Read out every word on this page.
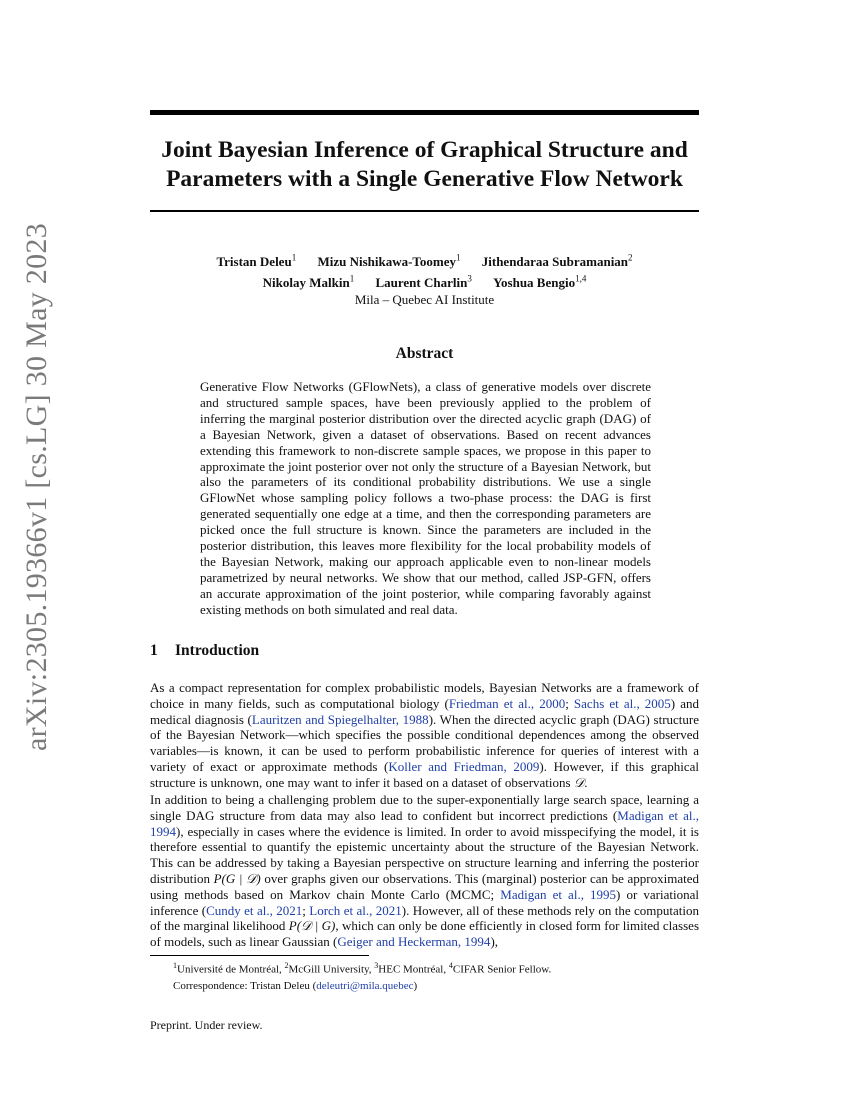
arXiv:2305.19366v1 [cs.LG] 30 May 2023
Joint Bayesian Inference of Graphical Structure and Parameters with a Single Generative Flow Network
Tristan Deleu$^1$ Mizu Nishikawa-Toomey$^1$ Jithendaraa Subramanian$^2$
Nikolay Malkin$^1$ Laurent Charlin$^3$ Yoshua Bengio$^{1,4}$
Mila – Quebec AI Institute
Abstract

Generative Flow Networks (GFlowNets), a class of generative models over discrete and structured sample spaces, have been previously applied to the problem of inferring the marginal posterior distribution over the directed acyclic graph (DAG) of a Bayesian Network, given a dataset of observations. Based on recent advances extending this framework to non-discrete sample spaces, we propose in this paper to approximate the joint posterior over not only the structure of a Bayesian Network, but also the parameters of its conditional probability distributions. We use a single GFlowNet whose sampling policy follows a two-phase process: the DAG is first generated sequentially one edge at a time, and then the corresponding parameters are picked once the full structure is known. Since the parameters are included in the posterior distribution, this leaves more flexibility for the local probability models of the Bayesian Network, making our approach applicable even to non-linear models parametrized by neural networks. We show that our method, called JSP-GFN, offers an accurate approximation of the joint posterior, while comparing favorably against existing methods on both simulated and real data.

1 Introduction

As a compact representation for complex probabilistic models, Bayesian Networks are a framework of choice in many fields, such as computational biology (Friedman et al., 2000; Sachs et al., 2005) and medical diagnosis (Lauritzen and Spiegelhalter, 1988). When the directed acyclic graph (DAG) structure of the Bayesian Network—which specifies the possible conditional dependences among the observed variables—is known, it can be used to perform probabilistic inference for queries of interest with a variety of exact or approximate methods (Koller and Friedman, 2009). However, if this graphical structure is unknown, one may want to infer it based on a dataset of observations 𝒟.

In addition to being a challenging problem due to the super-exponentially large search space, learning a single DAG structure from data may also lead to confident but incorrect predictions (Madigan et al., 1994), especially in cases where the evidence is limited. In order to avoid misspecifying the model, it is therefore essential to quantify the epistemic uncertainty about the structure of the Bayesian Network. This can be addressed by taking a Bayesian perspective on structure learning and inferring the posterior distribution P(G | 𝒟) over graphs given our observations. This (marginal) posterior can be approximated using methods based on Markov chain Monte Carlo (MCMC; Madigan et al., 1995) or variational inference (Cundy et al., 2021; Lorch et al., 2021). However, all of these methods rely on the computation of the marginal likelihood P(𝒟 | G), which can only be done efficiently in closed form for limited classes of models, such as linear Gaussian (Geiger and Heckerman, 1994),

$^1$Université de Montréal, $^2$McGill University, $^3$HEC Montréal, $^4$CIFAR Senior Fellow.
Correspondence: Tristan Deleu (deleutri@mila.quebec)
Preprint. Under review.
